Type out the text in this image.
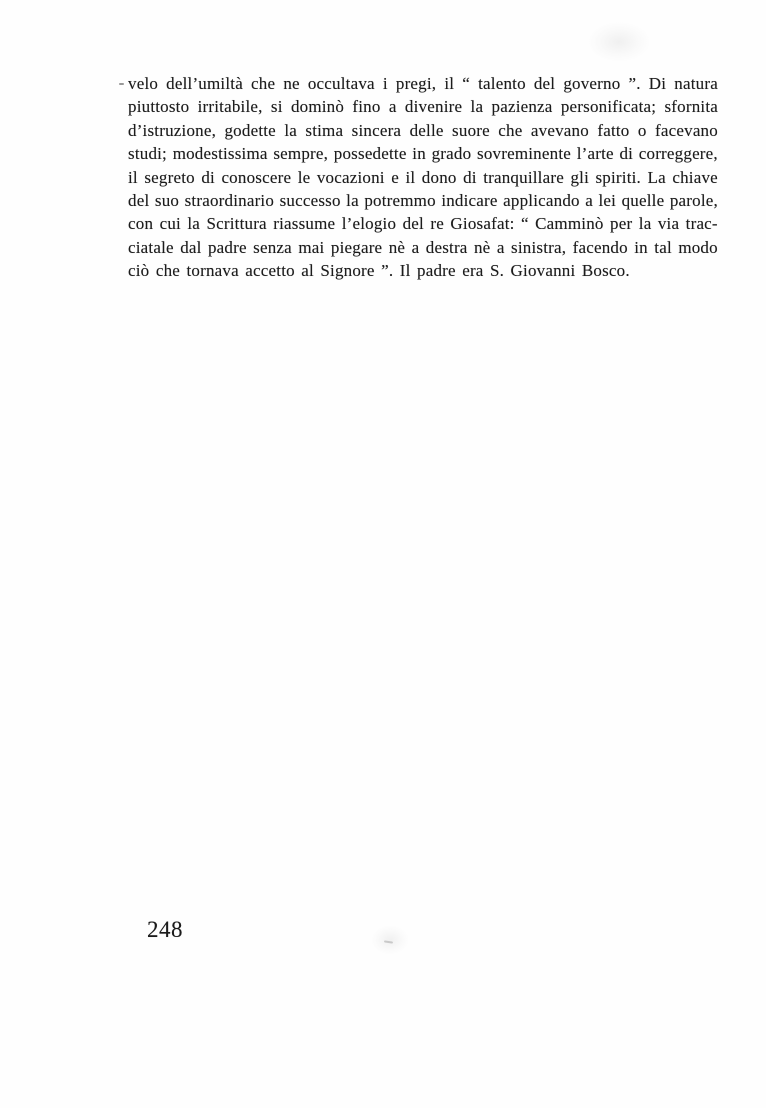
velo dell’umiltà che ne occultava i pregi, il “ talento del governo ”. Di natura
piuttosto irritabile, si dominò fino a divenire la pazienza personificata; sfornita
d’istruzione, godette la stima sincera delle suore che avevano fatto o facevano
studi; modestissima sempre, possedette in grado sovreminente l’arte di correggere,
il segreto di conoscere le vocazioni e il dono di tranquillare gli spiriti. La chiave
del suo straordinario successo la potremmo indicare applicando a lei quelle parole,
con cui la Scrittura riassume l’elogio del re Giosafat: “ Camminò per la via trac-
ciatale dal padre senza mai piegare nè a destra nè a sinistra, facendo in tal modo
ciò che tornava accetto al Signore ”. Il padre era S. Giovanni Bosco.
248
